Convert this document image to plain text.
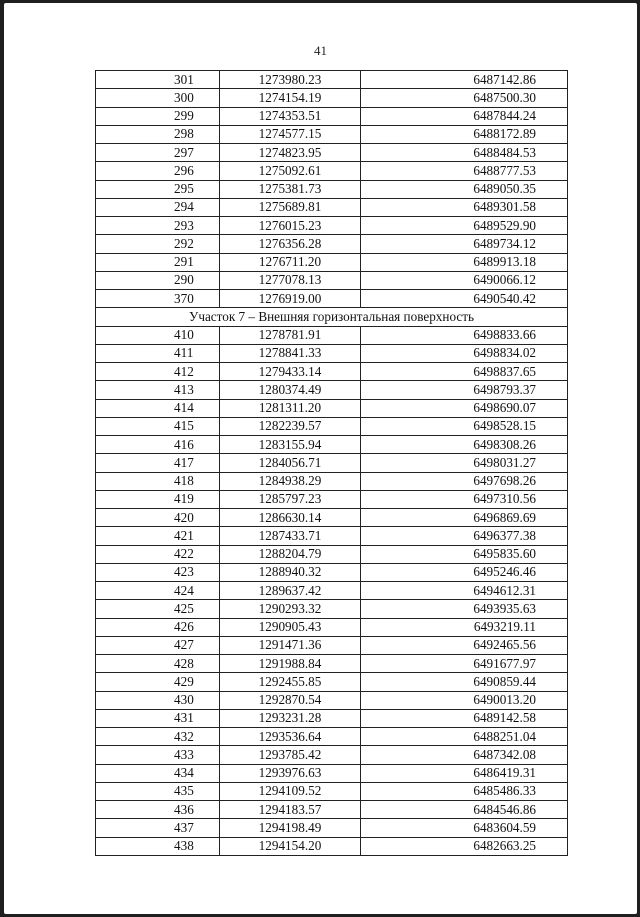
41
301	1273980.23	6487142.86
300	1274154.19	6487500.30
299	1274353.51	6487844.24
298	1274577.15	6488172.89
297	1274823.95	6488484.53
296	1275092.61	6488777.53
295	1275381.73	6489050.35
294	1275689.81	6489301.58
293	1276015.23	6489529.90
292	1276356.28	6489734.12
291	1276711.20	6489913.18
290	1277078.13	6490066.12
370	1276919.00	6490540.42
Участок 7 – Внешняя горизонтальная поверхность		
410	1278781.91	6498833.66
411	1278841.33	6498834.02
412	1279433.14	6498837.65
413	1280374.49	6498793.37
414	1281311.20	6498690.07
415	1282239.57	6498528.15
416	1283155.94	6498308.26
417	1284056.71	6498031.27
418	1284938.29	6497698.26
419	1285797.23	6497310.56
420	1286630.14	6496869.69
421	1287433.71	6496377.38
422	1288204.79	6495835.60
423	1288940.32	6495246.46
424	1289637.42	6494612.31
425	1290293.32	6493935.63
426	1290905.43	6493219.11
427	1291471.36	6492465.56
428	1291988.84	6491677.97
429	1292455.85	6490859.44
430	1292870.54	6490013.20
431	1293231.28	6489142.58
432	1293536.64	6488251.04
433	1293785.42	6487342.08
434	1293976.63	6486419.31
435	1294109.52	6485486.33
436	1294183.57	6484546.86
437	1294198.49	6483604.59
438	1294154.20	6482663.25
